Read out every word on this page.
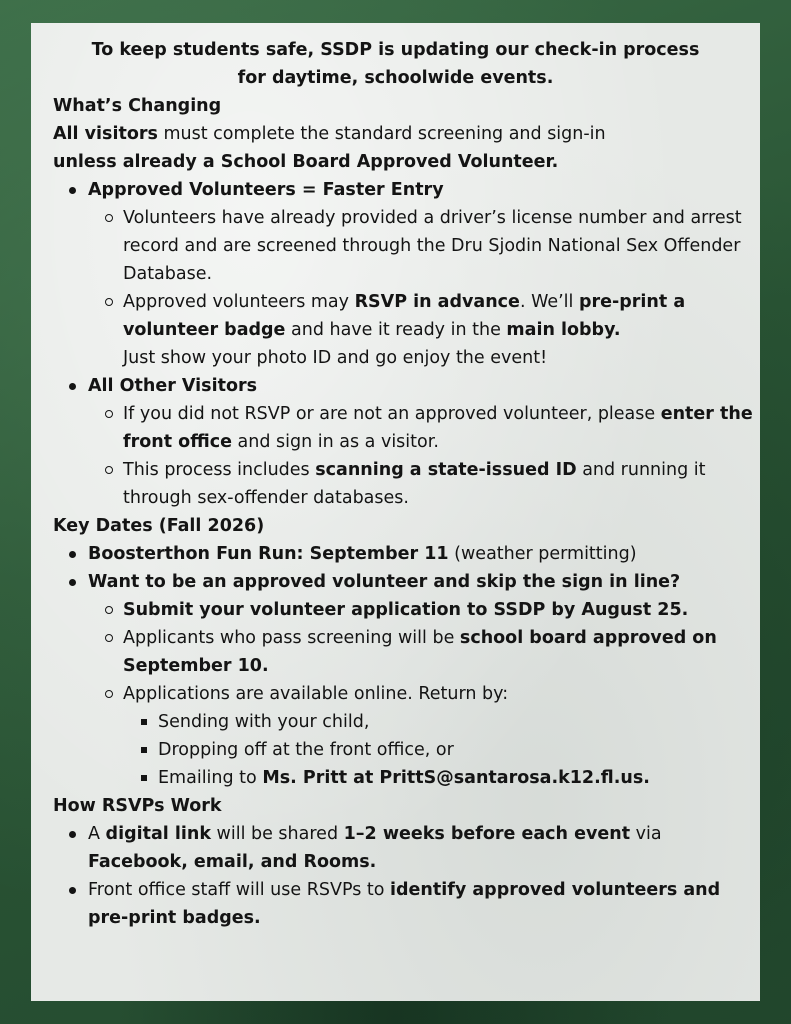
To keep students safe, SSDP is updating our check-in process
for daytime, schoolwide events.

What’s Changing

All visitors must complete the standard screening and sign-in
unless already a School Board Approved Volunteer.

Approved Volunteers = Faster Entry
Volunteers have already provided a driver’s license number and arrest record and are screened through the Dru Sjodin National Sex Offender Database.
Approved volunteers may RSVP in advance. We’ll pre-print a volunteer badge and have it ready in the main lobby.
Just show your photo ID and go enjoy the event!
All Other Visitors
If you did not RSVP or are not an approved volunteer, please enter the front office and sign in as a visitor.
This process includes scanning a state-issued ID and running it through sex-offender databases.

Key Dates (Fall 2026)

Boosterthon Fun Run: September 11 (weather permitting)
Want to be an approved volunteer and skip the sign in line?
Submit your volunteer application to SSDP by August 25.
Applicants who pass screening will be school board approved on September 10.
Applications are available online. Return by:
Sending with your child,
Dropping off at the front office, or
Emailing to Ms. Pritt at PrittS@santarosa.k12.fl.us.

How RSVPs Work

A digital link will be shared 1–2 weeks before each event via
Facebook, email, and Rooms.
Front office staff will use RSVPs to identify approved volunteers and pre-print badges.
